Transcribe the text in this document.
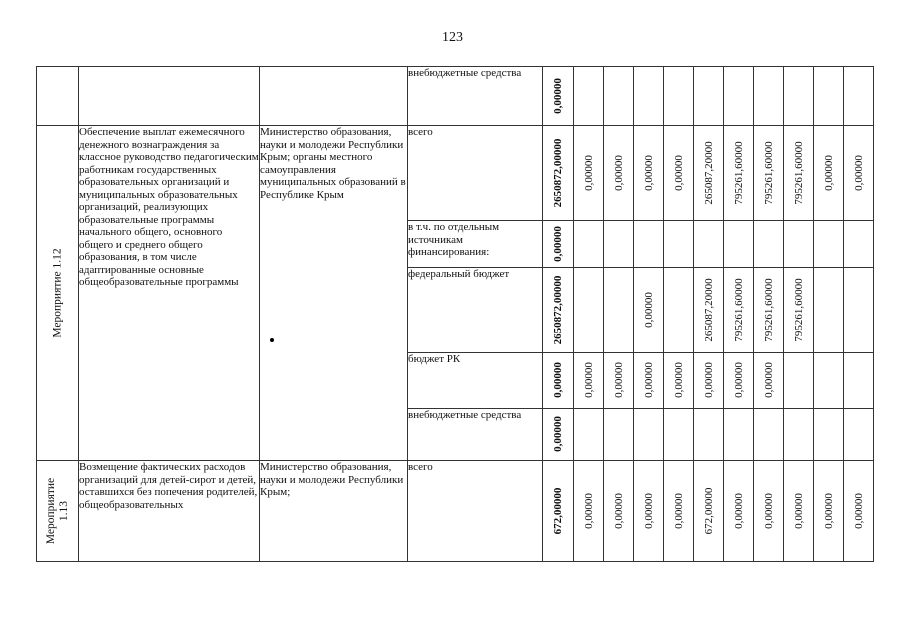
123
			внебюджетные средства	0,00000										

Мероприятие 1.12	Обеспечение выплат ежемесячного денежного вознаграждения за классное руководство педагогическим работникам государственных образовательных организаций и муниципальных образовательных организаций, реализующих образовательные программы начального общего, основного общего и среднего общего образования, в том числе адаптированные основные общеобразовательные программы	Министерство образования, науки и молодежи Республики Крым; органы местного самоуправления муниципальных образований в Республике Крым	всего	2650872,00000	0,00000	0,00000	0,00000	0,00000	265087,20000	795261,60000	795261,60000	795261,60000	0,00000	0,00000

			в т.ч. по отдельным источникам финансирования:	0,00000										

			федеральный бюджет	2650872,00000			0,00000		265087,20000	795261,60000	795261,60000	795261,60000		

			бюджет РК	0,00000	0,00000	0,00000	0,00000	0,00000	0,00000	0,00000	0,00000			

			внебюджетные средства	0,00000										

Мероприятие 1.13	Возмещение фактических расходов организаций для детей-сирот и детей, оставшихся без попечения родителей, общеобразовательных	Министерство образования, науки и молодежи Республики Крым;	всего	672,00000	0,00000	0,00000	0,00000	0,00000	672,00000	0,00000	0,00000	0,00000	0,00000	0,00000
